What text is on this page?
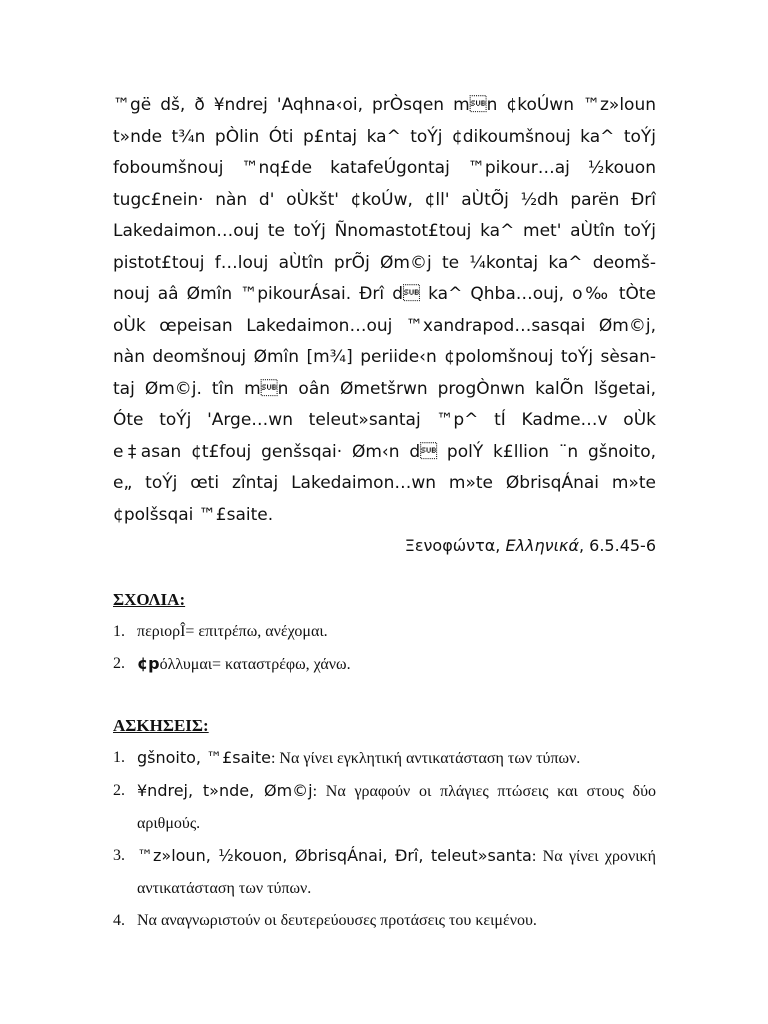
™gë dš, ð ¥ndrej 'Aqhna‹oi, prÒsqen mn ¢koÚwn ™z»loun
t»nde t¾n pÒlin Óti p£ntaj ka^ toÝj ¢dikoumšnouj ka^ toÝj
foboumšnouj ™nq£de katafeÚgontaj ™pikour…aj ½kouon
tugc£nein· nàn d' oÙkšt' ¢koÚw, ¢ll' aÙtÕj ½dh parën Ðrî
Lakedaimon…ouj te toÝj Ñnomastot£touj ka^ met' aÙtîn toÝj
pistot£touj f…louj aÙtîn prÕj Øm©j te ¼kontaj ka^ deomš-
nouj aâ Ømîn ™pikourÁsai. Ðrî d ka^ Qhba…ouj, o‰ tÒte
oÙk œpeisan Lakedaimon…ouj ™xandrapod…sasqai Øm©j,
nàn deomšnouj Ømîn [m¾] periide‹n ¢polomšnouj toÝj sèsan-
taj Øm©j. tîn mn oân Ømetšrwn progÒnwn kalÕn lšgetai,
Óte toÝj 'Arge…wn teleut»santaj ™p^ tÍ Kadme…v oÙk
e‡asan ¢t£fouj genšsqai· Øm‹n d polÝ k£llion ¨n gšnoito,
e„ toÝj œti zîntaj Lakedaimon…wn m»te ØbrisqÁnai m»te
¢polšsqai ™£saite.
Ξενοφώντα, Ελληνικά, 6.5.45-6
ΣΧΟΛΙΑ:
1. περιορÎ= επιτρέπω, ανέχομαι.
2. ¢pόλλυμαι= καταστρέφω, χάνω.
ΑΣΚΗΣΕΙΣ:
1. gšnoito, ™£saite: Να γίνει εγκλητική αντικατάσταση των τύπων.
2. ¥ndrej, t»nde, Øm©j: Να γραφούν οι πλάγιες πτώσεις και στους δύο αριθμούς.
3. ™z»loun, ½kouon, ØbrisqÁnai, Ðrî, teleut»santa: Να γίνει χρονική αντικατάσταση των τύπων.
4. Να αναγνωριστούν οι δευτερεύουσες προτάσεις του κειμένου.
